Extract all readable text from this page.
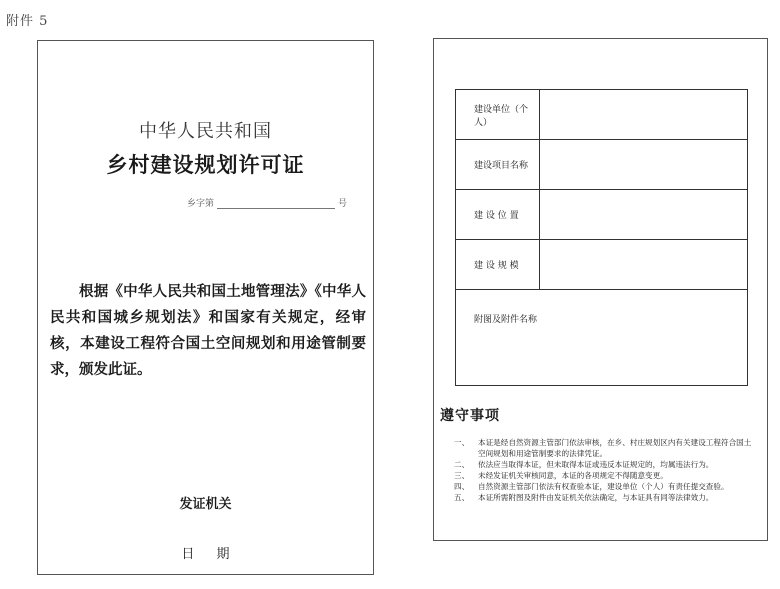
附件 5
中华人民共和国
乡村建设规划许可证
乡字第	号
根据《中华人民共和国土地管理法》《中华人民共和国城乡规划法》和国家有关规定，经审核，本建设工程符合国土空间规划和用途管制要求，颁发此证。
发证机关
日 期
建设单位（个人）	
建设项目名称	
建 设 位 置	
建 设 规 模	
附图及附件名称	
遵守事项
一、	本证是经自然资源主管部门依法审核，在乡、村庄规划区内有关建设工程符合国土空间规划和用途管制要求的法律凭证。
二、	依法应当取得本证，但未取得本证或违反本证规定的，均属违法行为。
三、	未经发证机关审核同意，本证的各项规定不得随意变更。
四、	自然资源主管部门依法有权查验本证，建设单位（个人）有责任提交查验。
五、	本证所需附图及附件由发证机关依法确定，与本证具有同等法律效力。
